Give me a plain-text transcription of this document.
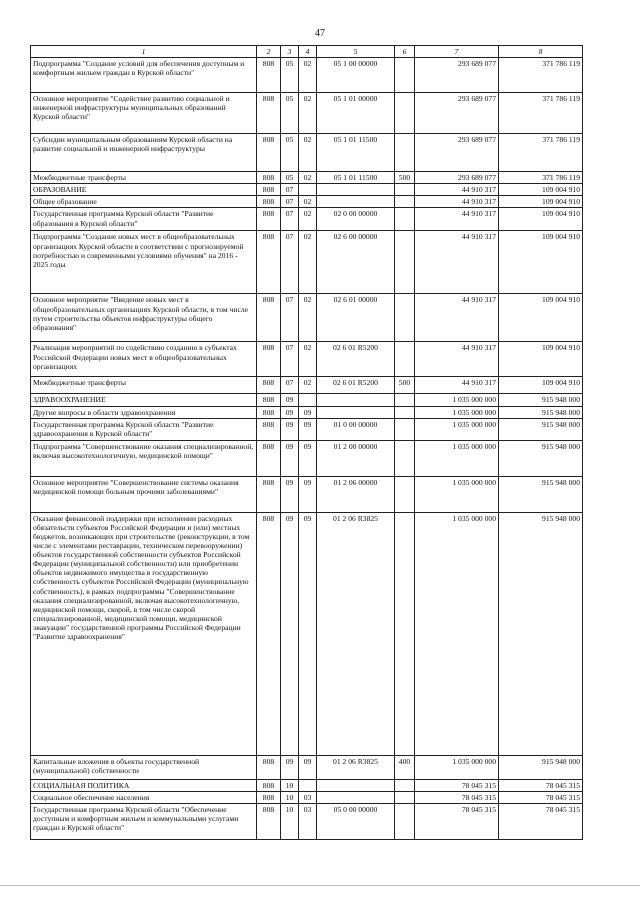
47
1	2	3	4	5	6	7	8
Подпрограмма "Создание условий для обеспечения доступным и комфортным жильем граждан в Курской области"	808	05	02	05 1 00 00000		293 689 077	371 786 119
Основное мероприятие "Содействие развитию социальной и инженерной инфраструктуры муниципальных образований Курской области"	808	05	02	05 1 01 00000		293 689 077	371 786 119
Субсидии муниципальным образованиям Курской области на развитие социальной и инженерной инфраструктуры	808	05	02	05 1 01 11500		293 689 077	371 786 119
Межбюджетные трансферты	808	05	02	05 1 01 11500	500	293 689 077	371 786 119
ОБРАЗОВАНИЕ	808	07				44 910 317	109 004 910
Общее образование	808	07	02			44 910 317	109 004 910
Государственная программа Курской области "Развитие образования в Курской области"	808	07	02	02 0 00 00000		44 910 317	109 004 910
Подпрограмма "Создание новых мест в общеобразовательных организациях Курской области в соответствии с прогнозируемой потребностью и современными условиями обучения" на 2016 - 2025 годы	808	07	02	02 6 00 00000		44 910 317	109 004 910
Основное мероприятие "Введение новых мест в общеобразовательных организациях Курской области, в том числе путем строительства объектов инфраструктуры общего образования"	808	07	02	02 6 01 00000		44 910 317	109 004 910
Реализация мероприятий по содействию созданию в субъектах Российской Федерации новых мест в общеобразовательных организациях	808	07	02	02 6 01 R5200		44 910 317	109 004 910
Межбюджетные трансферты	808	07	02	02 6 01 R5200	500	44 910 317	109 004 910
ЗДРАВООХРАНЕНИЕ	808	09				1 035 000 000	915 948 000
Другие вопросы в области здравоохранения	808	09	09			1 035 000 000	915 948 000
Государственная программа Курской области "Развитие здравоохранения в Курской области"	808	09	09	01 0 00 00000		1 035 000 000	915 948 000
Подпрограмма "Совершенствование оказания специализированной, включая высокотехнологичную, медицинской помощи"	808	09	09	01 2 00 00000		1 035 000 000	915 948 000
Основное мероприятие "Совершенствование системы оказания медицинской помощи больным прочими заболеваниями"	808	09	09	01 2 06 00000		1 035 000 000	915 948 000
Оказание финансовой поддержки при исполнении расходных обязательств субъектов Российской Федерации и (или) местных бюджетов, возникающих при строительстве (реконструкции, в том числе с элементами реставрации, техническом перевооружении) объектов государственной собственности субъектов Российской Федерации (муниципальной собственности) или приобретении объектов недвижимого имущества в государственную собственность субъектов Российской Федерации (муниципальную собственность), в рамках подпрограммы "Совершенствование оказания специализированной, включая высокотехнологичную, медицинской помощи, скорой, в том числе скорой специализированной, медицинской помощи, медицинской эвакуации" государственной программы Российской Федерации "Развитие здравоохранения"	808	09	09	01 2 06 R3825		1 035 000 000	915 948 000
Капитальные вложения в объекты государственной (муниципальной) собственности	808	09	09	01 2 06 R3825	400	1 035 000 000	915 948 000
СОЦИАЛЬНАЯ ПОЛИТИКА	808	10				78 045 315	78 045 315
Социальное обеспечение населения	808	10	03			78 045 315	78 045 315
Государственная программа Курской области "Обеспечение доступным и комфортным жильем и коммунальными услугами граждан в Курской области"	808	10	03	05 0 00 00000		78 045 315	78 045 315
